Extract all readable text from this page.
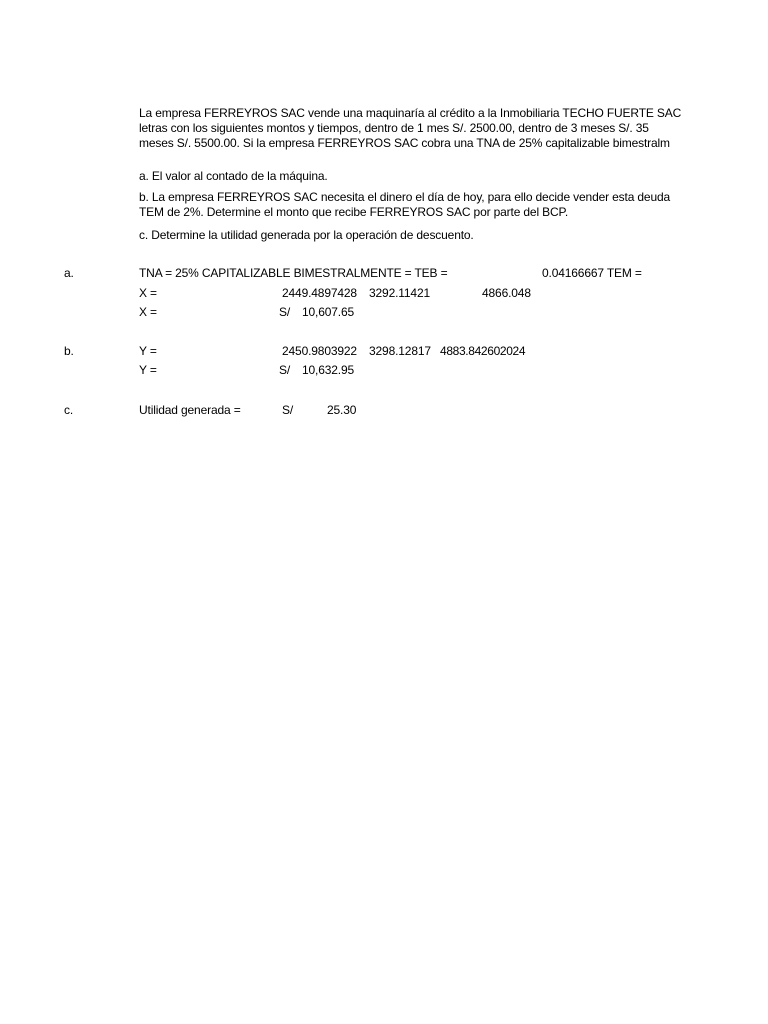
La empresa FERREYROS SAC vende una maquinaría al crédito a la Inmobiliaria TECHO FUERTE SAC
letras con los siguientes montos y tiempos, dentro de 1 mes S/. 2500.00, dentro de 3 meses S/. 35
meses S/. 5500.00. Si la empresa FERREYROS SAC cobra una TNA de 25% capitalizable bimestralm
a. El valor al contado de la máquina.
b. La empresa FERREYROS SAC necesita el dinero el día de hoy, para ello decide vender esta deuda
TEM de 2%. Determine el monto que recibe FERREYROS SAC por parte del BCP.
c. Determine la utilidad generada por la operación de descuento.
a.	TNA = 25% CAPITALIZABLE BIMESTRALMENTE = TEB =	0.04166667 TEM =
X =	2449.4897428 3292.11421	4866.048
X =	S/ 10,607.65
b.	Y =	2450.9803922 3298.12817 4883.842602024
Y =	S/ 10,632.95
c.	Utilidad generada =	S/	25.30
